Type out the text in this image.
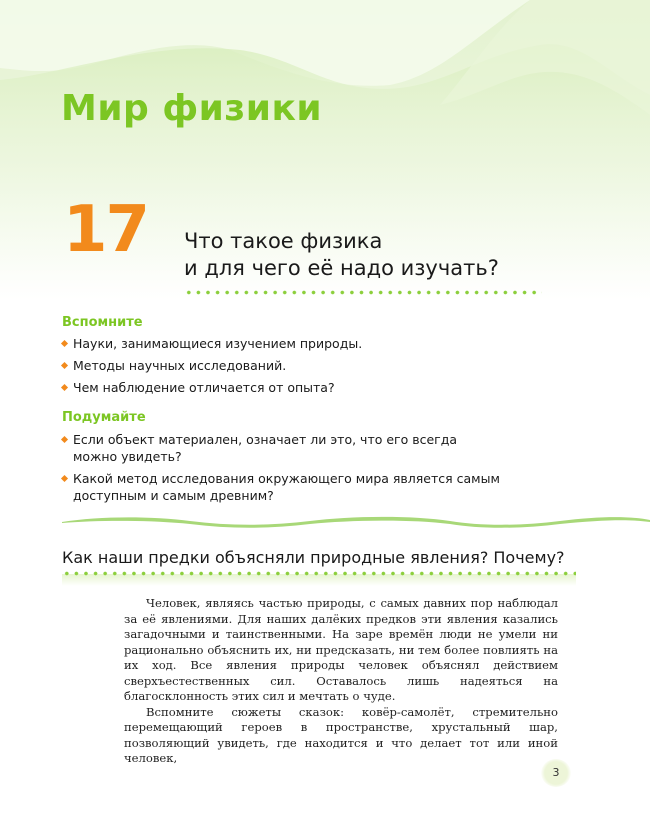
Мир физики
17 Что такое физика
и для чего её надо изучать?
Вспомните
Науки, занимающиеся изучением природы.
Методы научных исследований.
Чем наблюдение отличается от опыта?
Подумайте
Если объект материален, означает ли это, что его всегда можно увидеть?
Какой метод исследования окружающего мира является самым доступным и самым древним?
Как наши предки объясняли природные явления? Почему?

Человек, являясь частью природы, с самых давних пор наблюдал за её явлениями. Для наших далёких предков эти явления казались загадочными и таинственными. На заре времён люди не умели ни рационально объяснить их, ни предсказать, ни тем более повлиять на их ход. Все явления природы человек объяснял действием сверхъестественных сил. Оставалось лишь надеяться на благосклонность этих сил и мечтать о чуде.

Вспомните сюжеты сказок: ковёр-самолёт, стремительно перемещающий героев в пространстве, хрустальный шар, позволяющий увидеть, где находится и что делает тот или иной человек,

3
